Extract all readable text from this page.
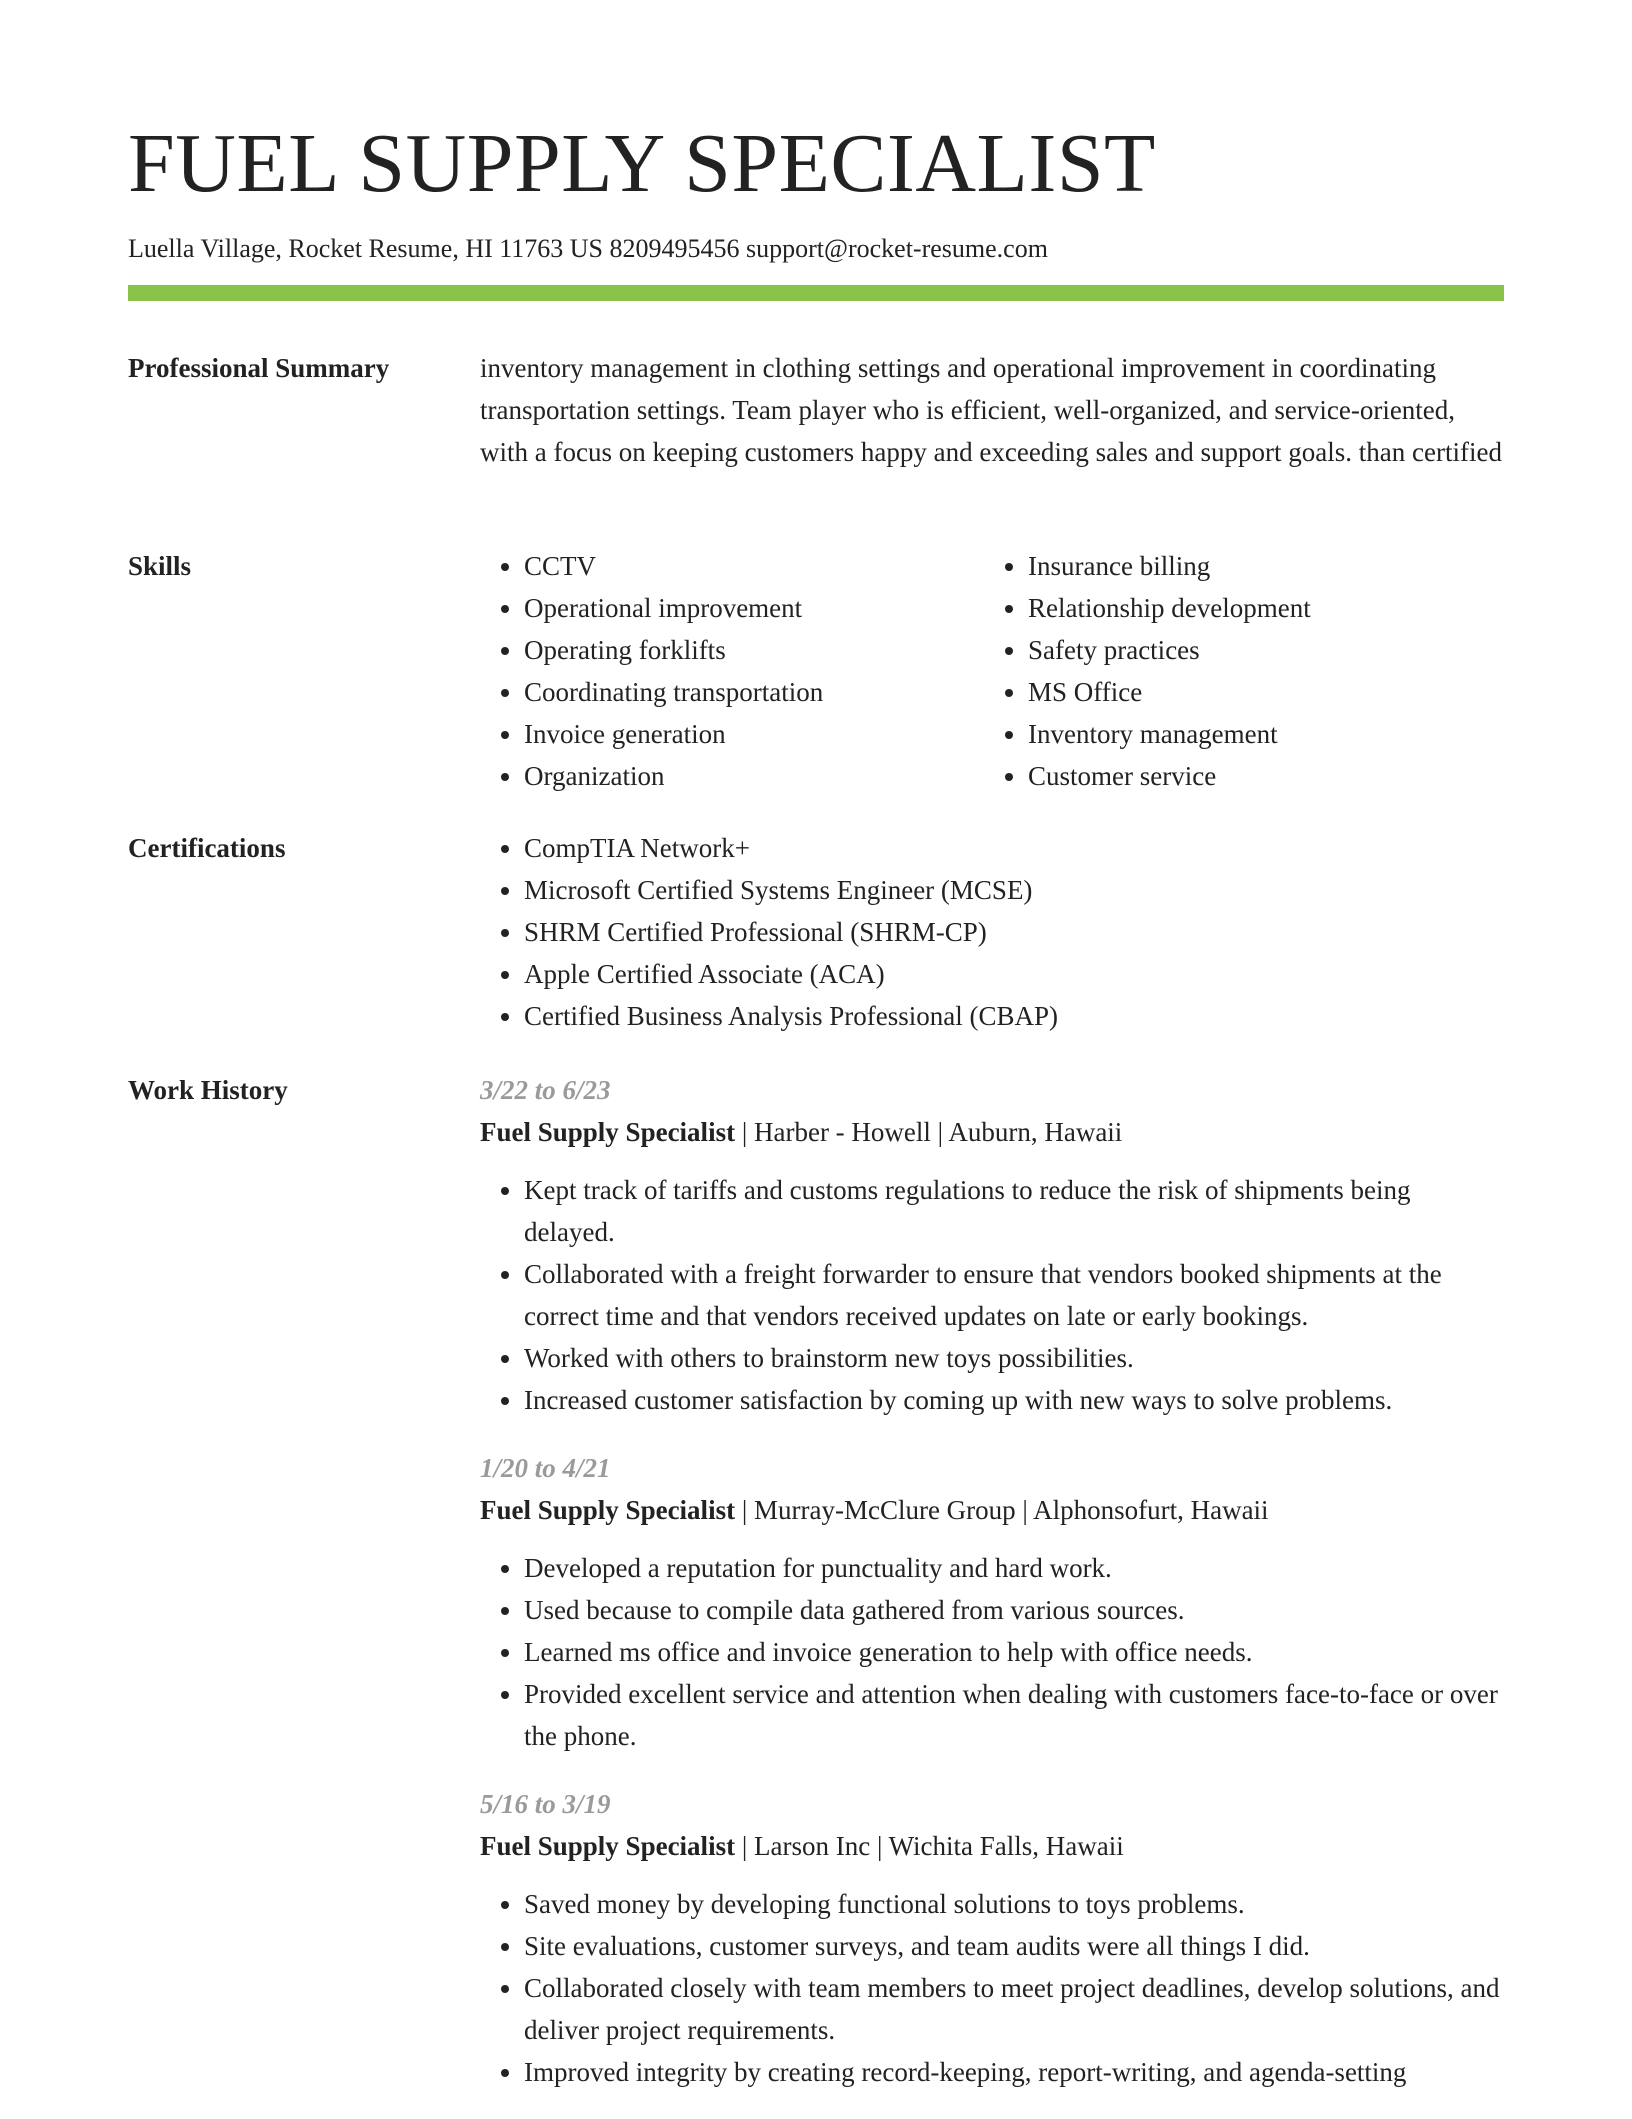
FUEL SUPPLY SPECIALIST
Luella Village, Rocket Resume, HI 11763 US 8209495456 support@rocket-resume.com
Professional Summary	inventory management in clothing settings and operational improvement in coordinating transportation settings. Team player who is efficient, well-organized, and service-oriented, with a focus on keeping customers happy and exceeding sales and support goals. than certified

Skills	• CCTV
• Operational improvement
• Operating forklifts
• Coordinating transportation
• Invoice generation
• Organization
• Insurance billing
• Relationship development
• Safety practices
• MS Office
• Inventory management
• Customer service
Certifications	• CompTIA Network+
• Microsoft Certified Systems Engineer (MCSE)
• SHRM Certified Professional (SHRM-CP)
• Apple Certified Associate (ACA)
• Certified Business Analysis Professional (CBAP)
Work History	3/22 to 6/23
Fuel Supply Specialist | Harber - Howell | Auburn, Hawaii
• Kept track of tariffs and customs regulations to reduce the risk of shipments being delayed.
• Collaborated with a freight forwarder to ensure that vendors booked shipments at the correct time and that vendors received updates on late or early bookings.
• Worked with others to brainstorm new toys possibilities.
• Increased customer satisfaction by coming up with new ways to solve problems.
1/20 to 4/21
Fuel Supply Specialist | Murray-McClure Group | Alphonsofurt, Hawaii
• Developed a reputation for punctuality and hard work.
• Used because to compile data gathered from various sources.
• Learned ms office and invoice generation to help with office needs.
• Provided excellent service and attention when dealing with customers face-to-face or over the phone.
5/16 to 3/19
Fuel Supply Specialist | Larson Inc | Wichita Falls, Hawaii
• Saved money by developing functional solutions to toys problems.
• Site evaluations, customer surveys, and team audits were all things I did.
• Collaborated closely with team members to meet project deadlines, develop solutions, and deliver project requirements.
• Improved integrity by creating record-keeping, report-writing, and agenda-setting
